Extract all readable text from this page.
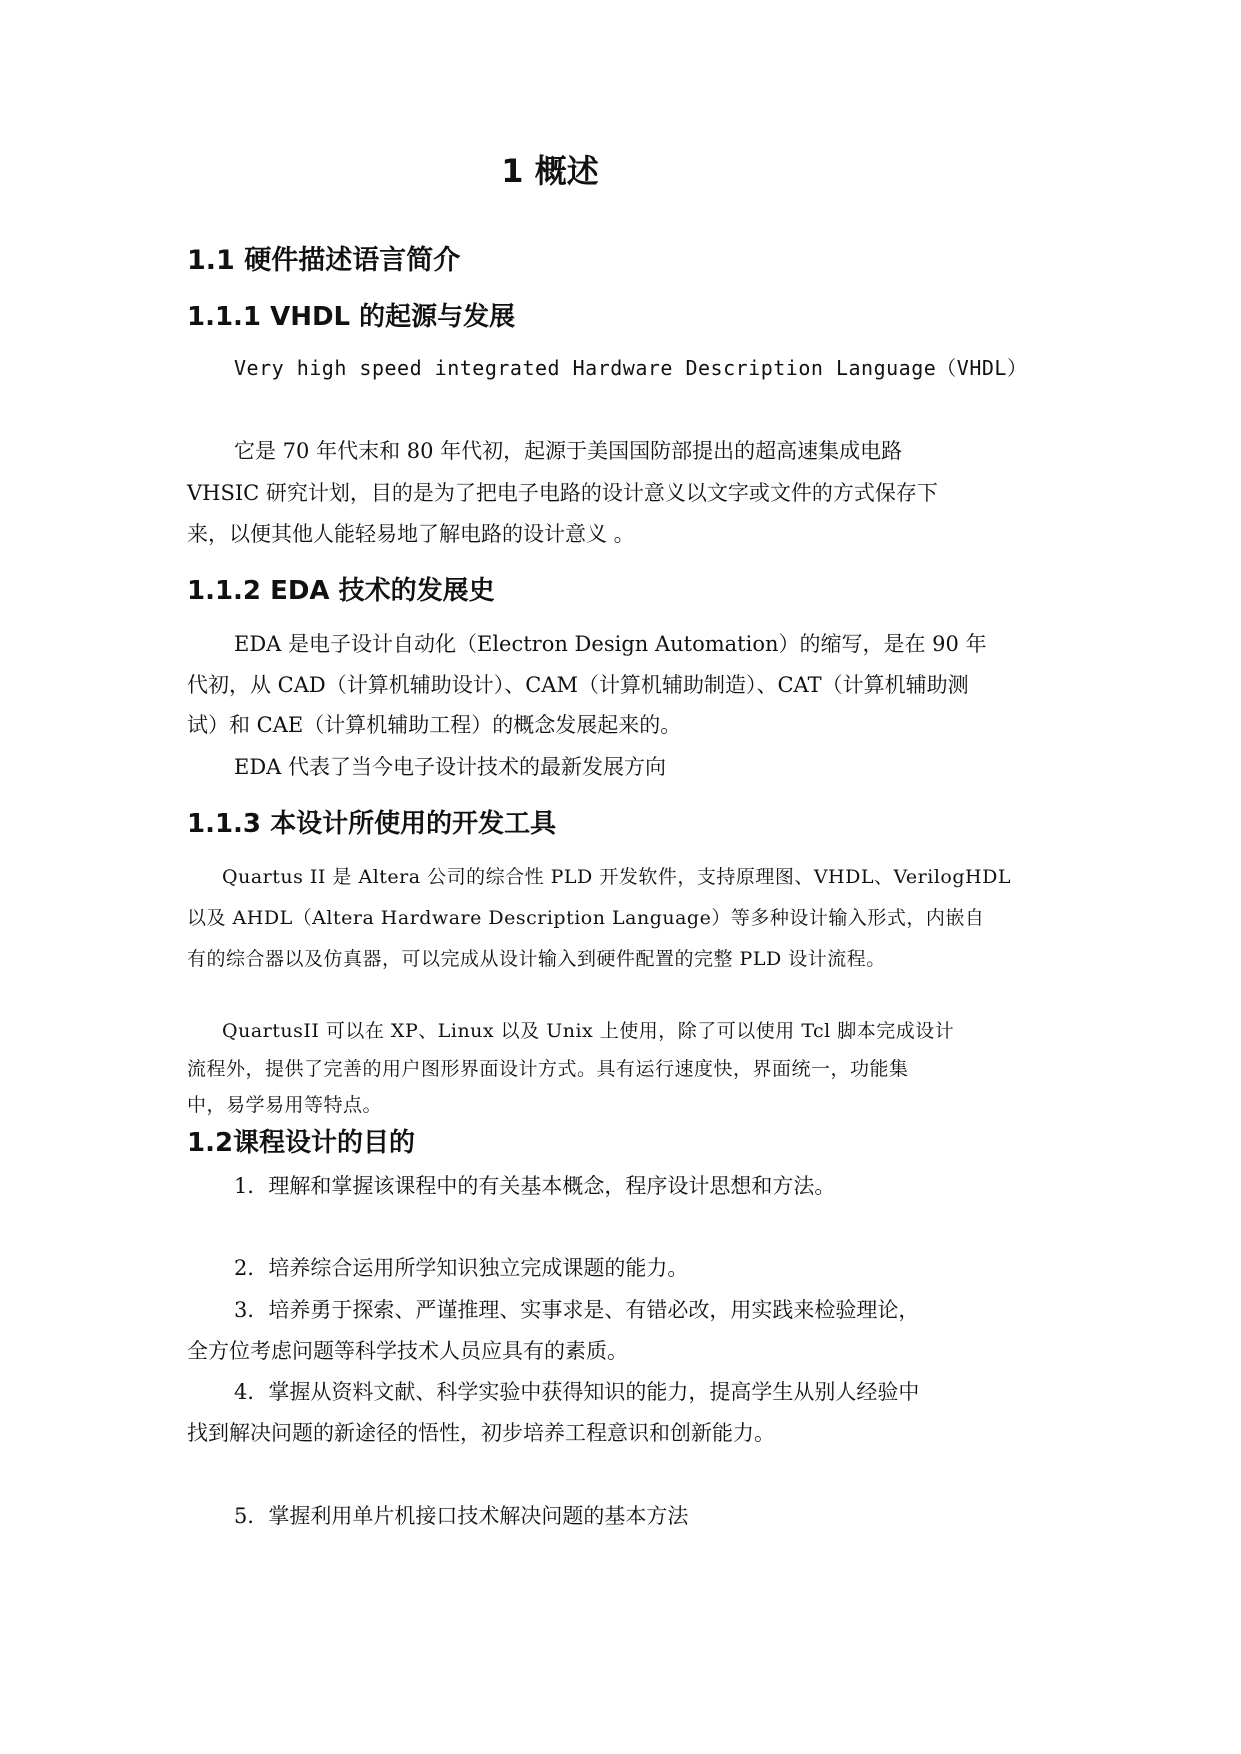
1 概述
1.1 硬件描述语言简介
1.1.1 VHDL 的起源与发展
Very high speed integrated Hardware Description Language（VHDL）
它是 70 年代末和 80 年代初，起源于美国国防部提出的超高速集成电路
VHSIC 研究计划，目的是为了把电子电路的设计意义以文字或文件的方式保存下
来，以便其他人能轻易地了解电路的设计意义 。
1.1.2 EDA 技术的发展史
EDA 是电子设计自动化（Electron Design Automation）的缩写，是在 90 年
代初，从 CAD（计算机辅助设计）、CAM（计算机辅助制造）、CAT（计算机辅助测
试）和 CAE（计算机辅助工程）的概念发展起来的。
EDA 代表了当今电子设计技术的最新发展方向
1.1.3 本设计所使用的开发工具
Quartus II 是 Altera 公司的综合性 PLD 开发软件，支持原理图、VHDL、VerilogHDL
以及 AHDL（Altera Hardware Description Language）等多种设计输入形式，内嵌自
有的综合器以及仿真器，可以完成从设计输入到硬件配置的完整 PLD 设计流程。
QuartusII 可以在 XP、Linux 以及 Unix 上使用，除了可以使用 Tcl 脚本完成设计
流程外，提供了完善的用户图形界面设计方式。具有运行速度快，界面统一，功能集
中，易学易用等特点。
1.2课程设计的目的
1．理解和掌握该课程中的有关基本概念，程序设计思想和方法。
2．培养综合运用所学知识独立完成课题的能力。
3．培养勇于探索、严谨推理、实事求是、有错必改，用实践来检验理论，
全方位考虑问题等科学技术人员应具有的素质。
4．掌握从资料文献、科学实验中获得知识的能力，提高学生从别人经验中
找到解决问题的新途径的悟性，初步培养工程意识和创新能力。
5．掌握利用单片机接口技术解决问题的基本方法
